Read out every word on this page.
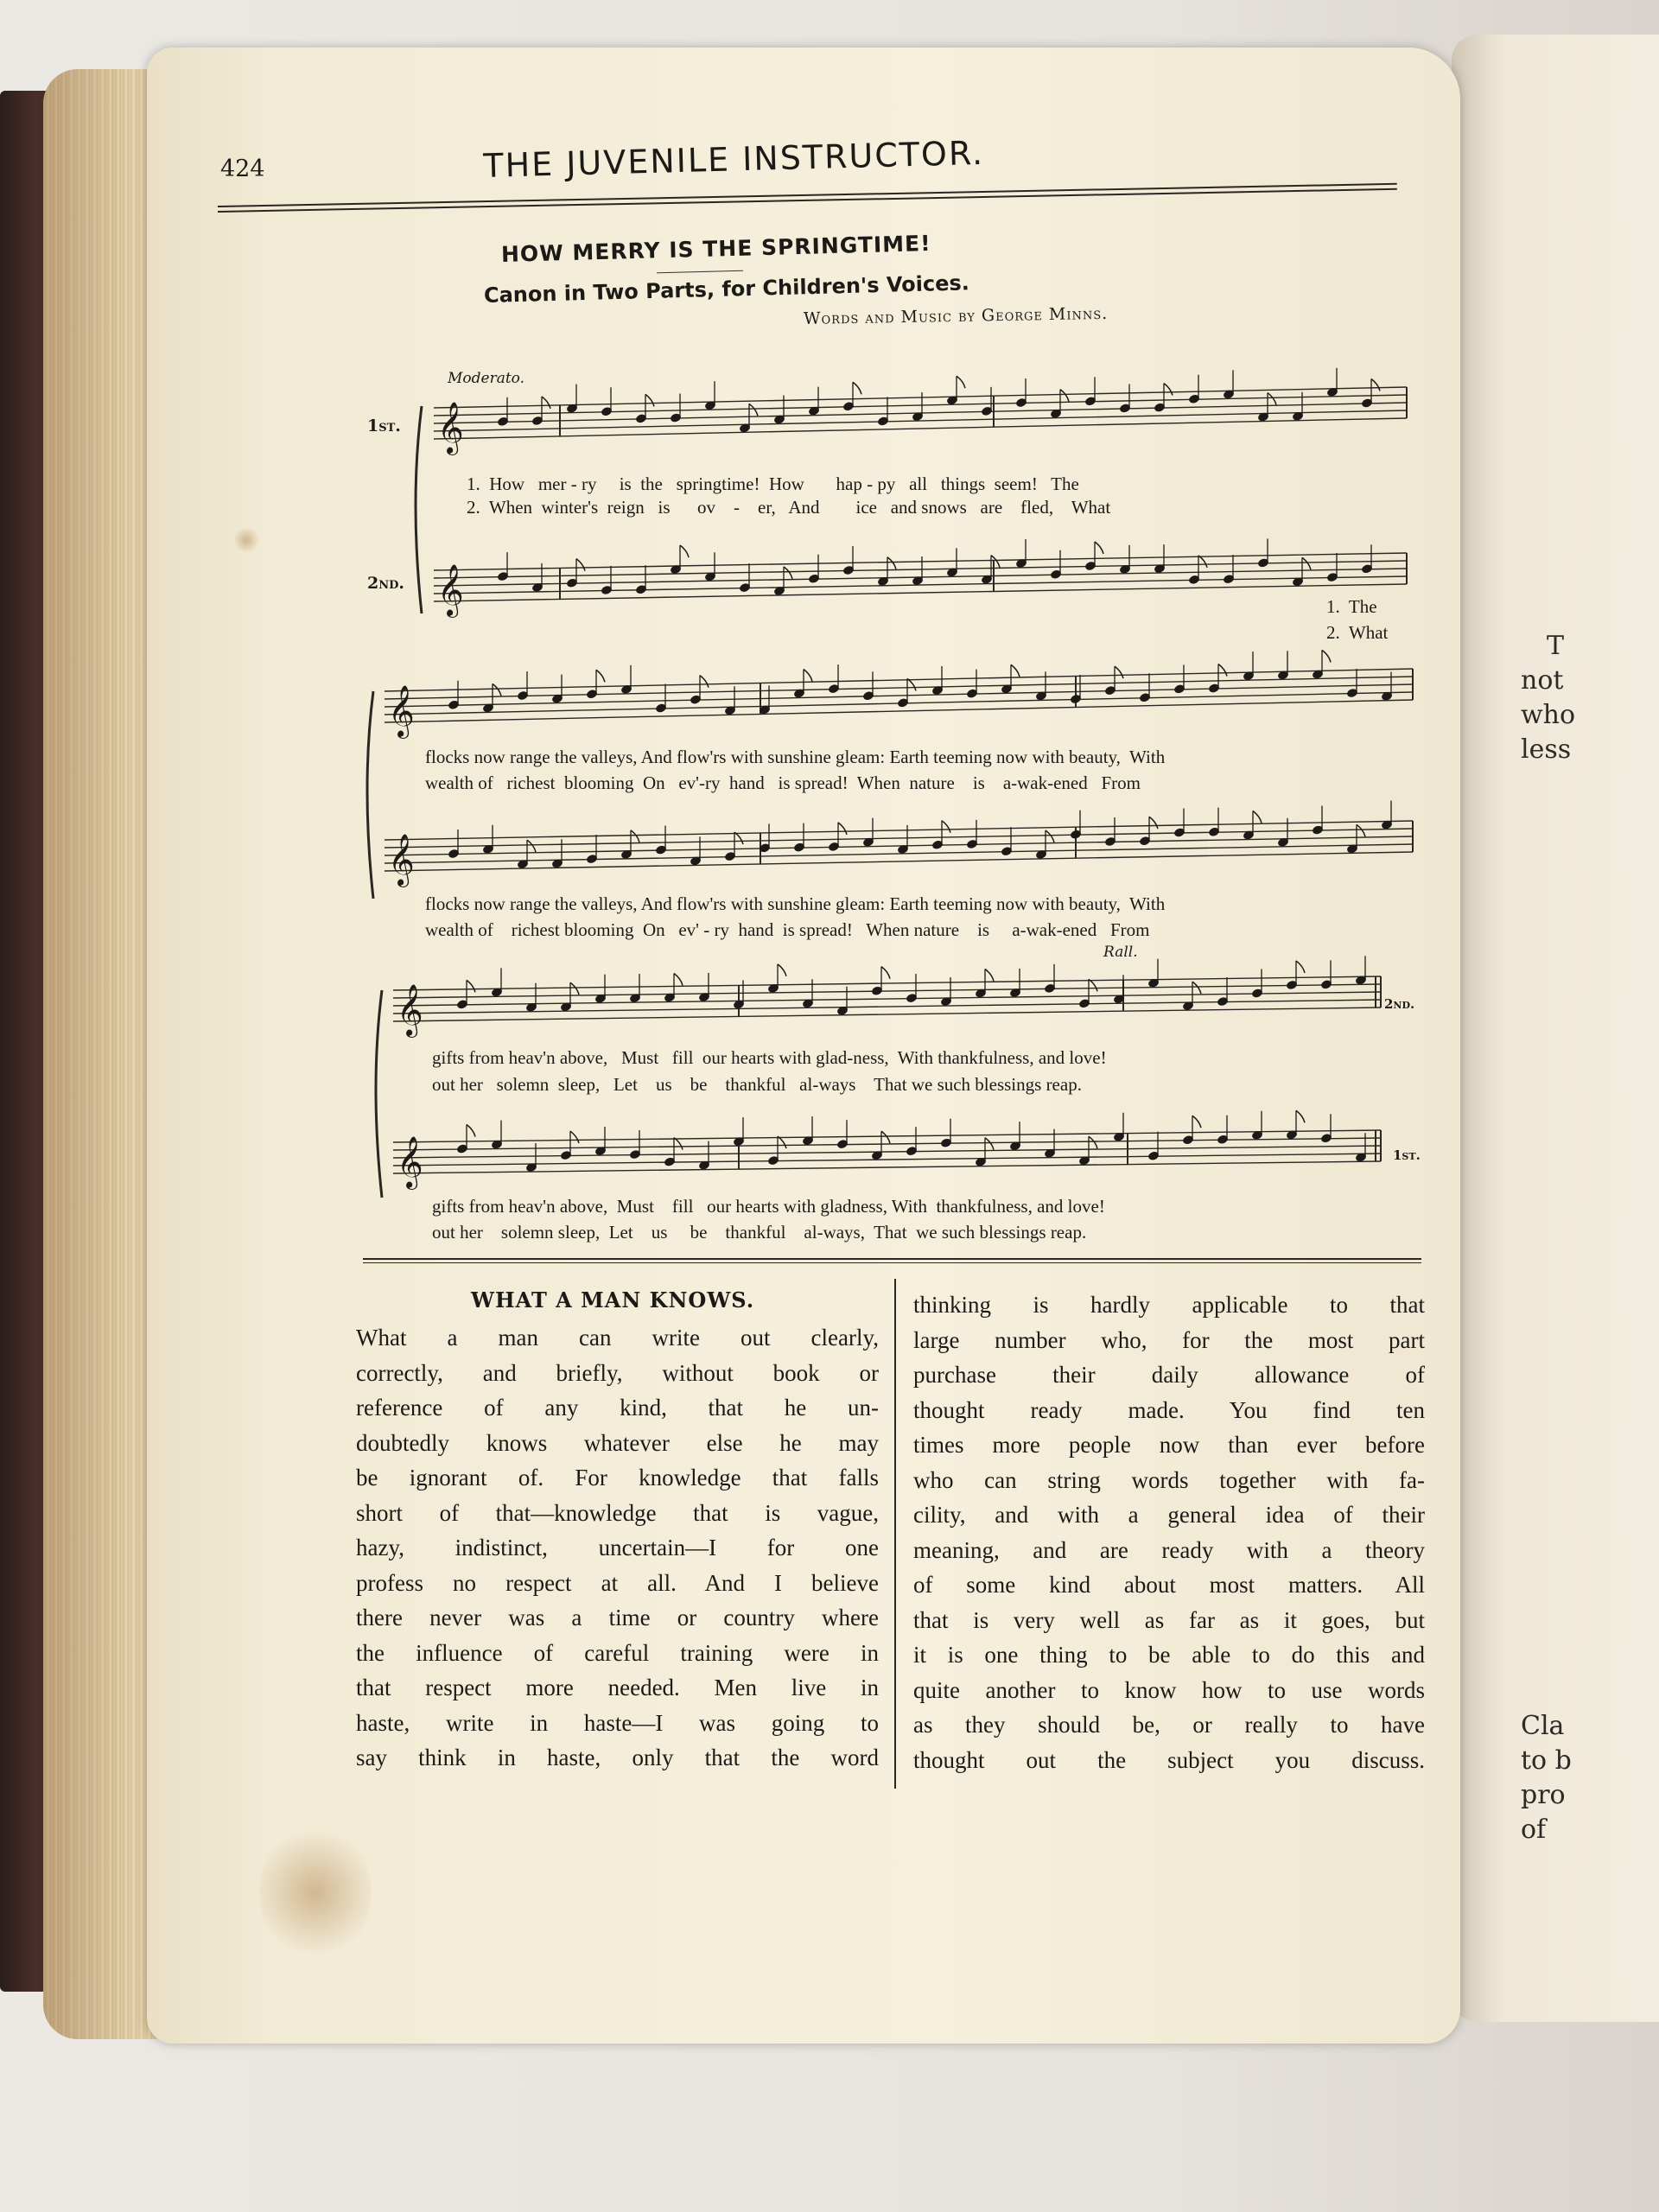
T
not
who
less
Cla
to b
pro
of
424	THE JUVENILE INSTRUCTOR.
HOW MERRY IS THE SPRINGTIME!
Canon in Two Parts, for Children's Voices.
Words and Music by George Minns.
Moderato.
1st.
2nd.
𝄞
𝄞
𝄞
𝄞
𝄞
𝄞
1.  How   mer - ry     is  the   springtime!  How       hap - py   all   things  seem!   The
2.  When  winter's  reign   is      ov    -    er,   And        ice   and snows   are    fled,    What
1.  The
2.  What
flocks now range the valleys, And flow'rs with sunshine gleam: Earth teeming now with beauty,  With
wealth of   richest  blooming  On   ev'-ry  hand   is spread!  When  nature    is    a-wak-ened   From
flocks now range the valleys, And flow'rs with sunshine gleam: Earth teeming now with beauty,  With
wealth of    richest blooming  On   ev' - ry  hand  is spread!   When nature    is     a-wak-ened   From
Rall.
gifts from heav'n above,   Must   fill  our hearts with glad-ness,  With thankfulness, and love!
out her   solemn  sleep,   Let    us    be    thankful   al-ways    That we such blessings reap.
2nd.
gifts from heav'n above,  Must    fill   our hearts with gladness, With  thankfulness, and love!
out her    solemn sleep,  Let    us     be    thankful    al-ways,  That  we such blessings reap.
1st.
WHAT A MAN KNOWS.
What a man can write out clearly,
correctly, and briefly, without book or
reference of any kind, that he un-
doubtedly knows whatever else he may
be ignorant of. For knowledge that falls
short of that—knowledge that is vague,
hazy, indistinct, uncertain—I for one
profess no respect at all. And I believe
there never was a time or country where
the influence of careful training were in
that respect more needed. Men live in
haste, write in haste—I was going to
say think in haste, only that the word
thinking is hardly applicable to that
large number who, for the most part
purchase their daily allowance of
thought ready made. You find ten
times more people now than ever before
who can string words together with fa-
cility, and with a general idea of their
meaning, and are ready with a theory
of some kind about most matters. All
that is very well as far as it goes, but
it is one thing to be able to do this and
quite another to know how to use words
as they should be, or really to have
thought out the subject you discuss.
